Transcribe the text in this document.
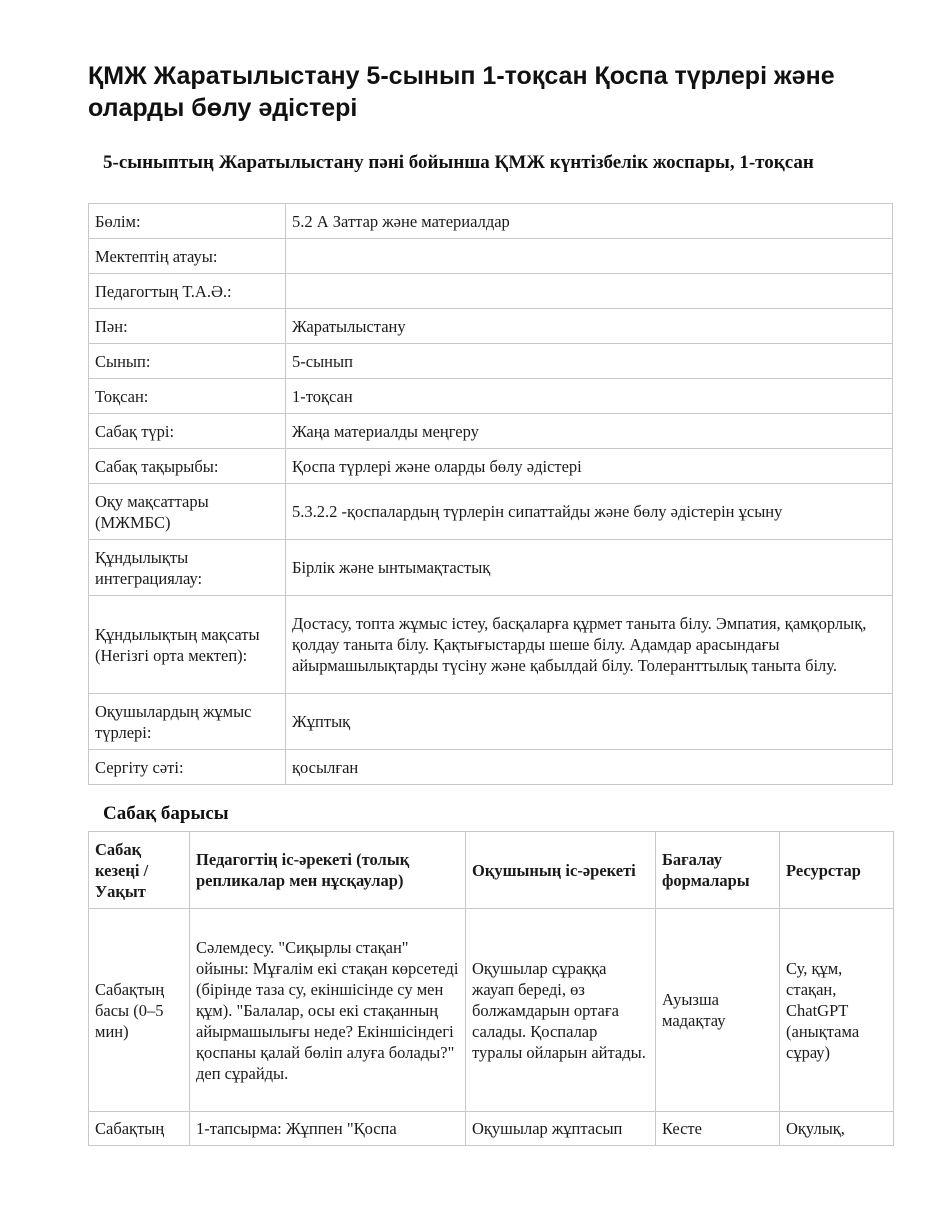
ҚМЖ Жаратылыстану 5-сынып 1-тоқсан Қоспа түрлері және оларды бөлу әдістері
5-сыныптың Жаратылыстану пәні бойынша ҚМЖ күнтізбелік жоспары, 1-тоқсан
Бөлім:	5.2 А Заттар және материалдар
Мектептің атауы:	
Педагогтың Т.А.Ә.:	
Пән:	Жаратылыстану
Сынып:	5-сынып
Тоқсан:	1-тоқсан
Сабақ түрі:	Жаңа материалды меңгеру
Сабақ тақырыбы:	Қоспа түрлері және оларды бөлу әдістері
Оқу мақсаттары (МЖМБС)	5.3.2.2 -қоспалардың түрлерін сипаттайды және бөлу әдістерін ұсыну
Құндылықты интеграциялау:	Бірлік және ынтымақтастық
Құндылықтың мақсаты (Негізгі орта мектеп):	Достасу, топта жұмыс істеу, басқаларға құрмет таныта білу. Эмпатия, қамқорлық, қолдау таныта білу. Қақтығыстарды шеше білу. Адамдар арасындағы айырмашылықтарды түсіну және қабылдай білу. Толеранттылық таныта білу.
Оқушылардың жұмыс түрлері:	Жұптық
Сергіту сәті:	қосылған
Сабақ барысы
Сабақ кезеңі / Уақыт	Педагогтің іс-әрекеті (толық репликалар мен нұсқаулар)	Оқушының іс-әрекеті	Бағалау формалары	Ресурстар
Сабақтың басы (0–5 мин)	Сәлемдесу. "Сиқырлы стақан" ойыны: Мұғалім екі стақан көрсетеді (бірінде таза су, екіншісінде су мен құм). "Балалар, осы екі стақанның айырмашылығы неде? Екіншісіндегі қоспаны қалай бөліп алуға болады?" деп сұрайды.	Оқушылар сұраққа жауап береді, өз болжамдарын ортаға салады. Қоспалар туралы ойларын айтады.	Ауызша мадақтау	Су, құм, стақан, ChatGPT (анықтама сұрау)
Сабақтың	1-тапсырма: Жұппен "Қоспа	Оқушылар жұптасып	Кесте	Оқулық,
